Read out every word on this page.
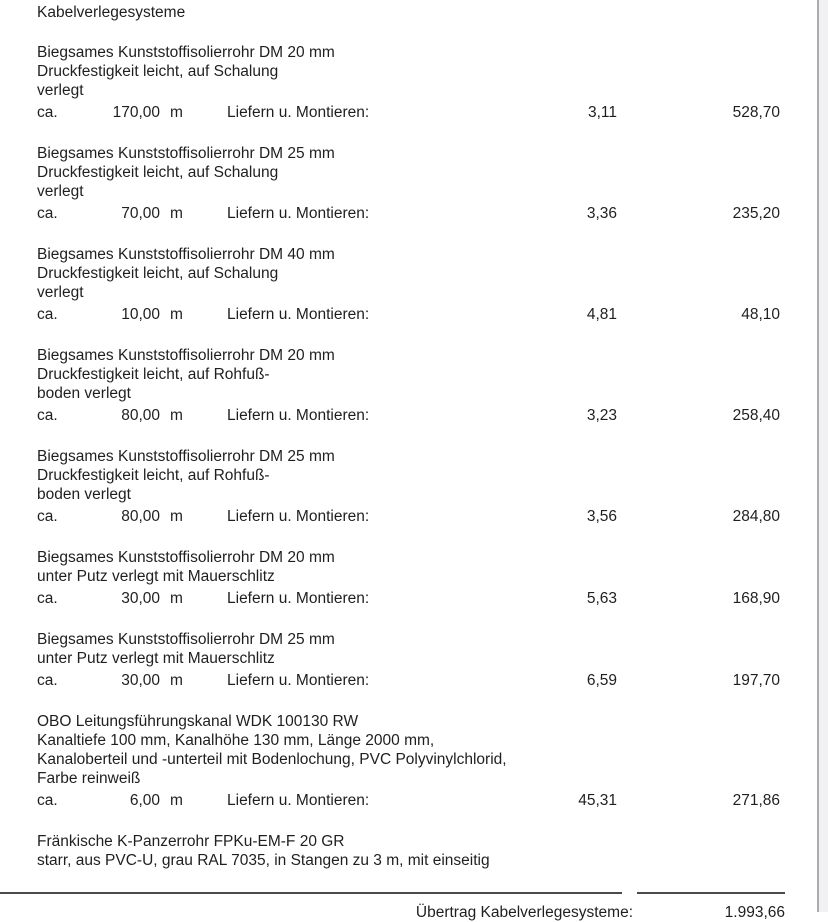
Kabelverlegesysteme
Biegsames Kunststoffisolierrohr DM 20 mm
Druckfestigkeit leicht, auf Schalung
verlegt
ca.	170,00 m	Liefern u. Montieren:	3,11	528,70
Biegsames Kunststoffisolierrohr DM 25 mm
Druckfestigkeit leicht, auf Schalung
verlegt
ca.	70,00 m	Liefern u. Montieren:	3,36	235,20
Biegsames Kunststoffisolierrohr DM 40 mm
Druckfestigkeit leicht, auf Schalung
verlegt
ca.	10,00 m	Liefern u. Montieren:	4,81	48,10
Biegsames Kunststoffisolierrohr DM 20 mm
Druckfestigkeit leicht, auf Rohfuß-
boden verlegt
ca.	80,00 m	Liefern u. Montieren:	3,23	258,40
Biegsames Kunststoffisolierrohr DM 25 mm
Druckfestigkeit leicht, auf Rohfuß-
boden verlegt
ca.	80,00 m	Liefern u. Montieren:	3,56	284,80
Biegsames Kunststoffisolierrohr DM 20 mm
unter Putz verlegt mit Mauerschlitz
ca.	30,00 m	Liefern u. Montieren:	5,63	168,90
Biegsames Kunststoffisolierrohr DM 25 mm
unter Putz verlegt mit Mauerschlitz
ca.	30,00 m	Liefern u. Montieren:	6,59	197,70
OBO Leitungsführungskanal WDK 100130 RW
Kanaltiefe 100 mm, Kanalhöhe 130 mm, Länge 2000 mm,
Kanaloberteil und -unterteil mit Bodenlochung, PVC Polyvinylchlorid,
Farbe reinweiß
ca.	6,00 m	Liefern u. Montieren:	45,31	271,86
Fränkische K-Panzerrohr FPKu-EM-F 20 GR
starr, aus PVC-U, grau RAL 7035, in Stangen zu 3 m, mit einseitig
Übertrag Kabelverlegesysteme:	1.993,66
